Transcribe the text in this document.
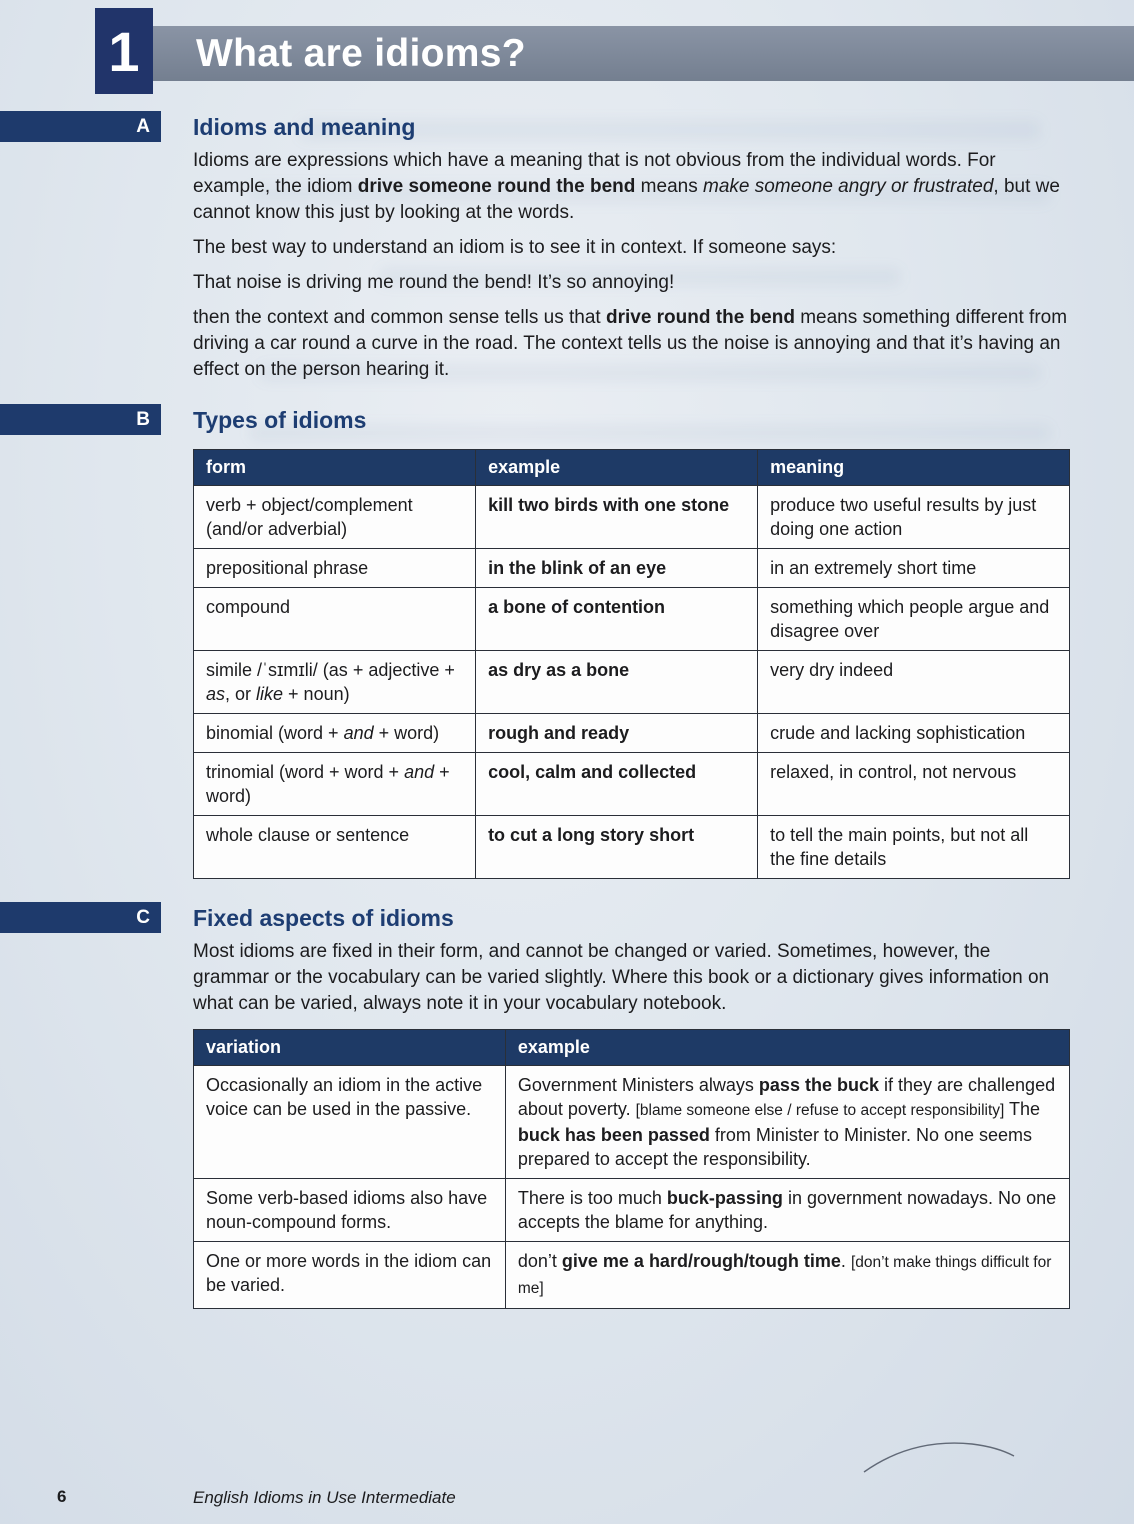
1 What are idioms?
A Idioms and meaning

Idioms are expressions which have a meaning that is not obvious from the individual words. For example, the idiom drive someone round the bend means make someone angry or frustrated, but we cannot know this just by looking at the words.

The best way to understand an idiom is to see it in context. If someone says:

That noise is driving me round the bend! It’s so annoying!

then the context and common sense tells us that drive round the bend means something different from driving a car round a curve in the road. The context tells us the noise is annoying and that it’s having an effect on the person hearing it.

B Types of idioms
form	example	meaning
verb + object/complement (and/or adverbial)	kill two birds with one stone	produce two useful results by just doing one action
prepositional phrase	in the blink of an eye	in an extremely short time
compound	a bone of contention	something which people argue and disagree over
simile /ˈsɪmɪli/ (as + adjective + as, or like + noun)	as dry as a bone	very dry indeed
binomial (word + and + word)	rough and ready	crude and lacking sophistication
trinomial (word + word + and + word)	cool, calm and collected	relaxed, in control, not nervous
whole clause or sentence	to cut a long story short	to tell the main points, but not all the fine details
C Fixed aspects of idioms

Most idioms are fixed in their form, and cannot be changed or varied. Sometimes, however, the grammar or the vocabulary can be varied slightly. Where this book or a dictionary gives information on what can be varied, always note it in your vocabulary notebook.

variation	example
Occasionally an idiom in the active voice can be used in the passive.	Government Ministers always pass the buck if they are challenged about poverty. [blame someone else / refuse to accept responsibility] The buck has been passed from Minister to Minister. No one seems prepared to accept the responsibility.
Some verb-based idioms also have noun-compound forms.	There is too much buck-passing in government nowadays. No one accepts the blame for anything.
One or more words in the idiom can be varied.	don’t give me a hard/rough/tough time. [don’t make things difficult for me]
6	English Idioms in Use Intermediate
